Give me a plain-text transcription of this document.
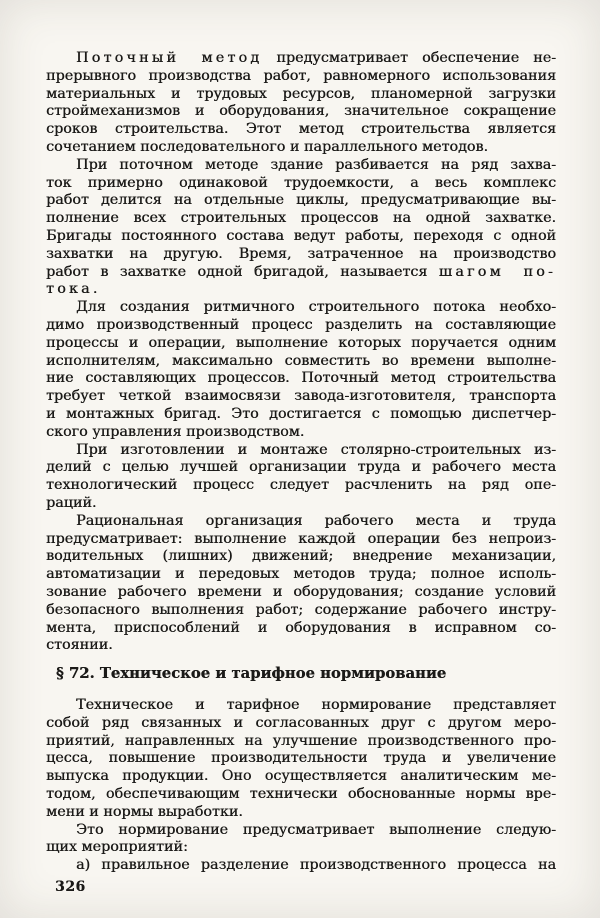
Поточный метод предусматривает обеспечение не-
прерывного производства работ, равномерного использования
материальных и трудовых ресурсов, планомерной загрузки
строймеханизмов и оборудования, значительное сокращение
сроков строительства. Этот метод строительства является
сочетанием последовательного и параллельного методов.
При поточном методе здание разбивается на ряд захва-
ток примерно одинаковой трудоемкости, а весь комплекс
работ делится на отдельные циклы, предусматривающие вы-
полнение всех строительных процессов на одной захватке.
Бригады постоянного состава ведут работы, переходя с одной
захватки на другую. Время, затраченное на производство
работ в захватке одной бригадой, называется шагом по-
тока.
Для создания ритмичного строительного потока необхо-
димо производственный процесс разделить на составляющие
процессы и операции, выполнение которых поручается одним
исполнителям, максимально совместить во времени выполне-
ние составляющих процессов. Поточный метод строительства
требует четкой взаимосвязи завода-изготовителя, транспорта
и монтажных бригад. Это достигается с помощью диспетчер-
ского управления производством.
При изготовлении и монтаже столярно-строительных из-
делий с целью лучшей организации труда и рабочего места
технологический процесс следует расчленить на ряд опе-
раций.
Рациональная организация рабочего места и труда
предусматривает: выполнение каждой операции без непроиз-
водительных (лишних) движений; внедрение механизации,
автоматизации и передовых методов труда; полное исполь-
зование рабочего времени и оборудования; создание условий
безопасного выполнения работ; содержание рабочего инстру-
мента, приспособлений и оборудования в исправном со-
стоянии.
§ 72. Техническое и тарифное нормирование
Техническое и тарифное нормирование представляет
собой ряд связанных и согласованных друг с другом меро-
приятий, направленных на улучшение производственного про-
цесса, повышение производительности труда и увеличение
выпуска продукции. Оно осуществляется аналитическим ме-
тодом, обеспечивающим технически обоснованные нормы вре-
мени и нормы выработки.
Это нормирование предусматривает выполнение следую-
щих мероприятий:
а) правильное разделение производственного процесса на
326
